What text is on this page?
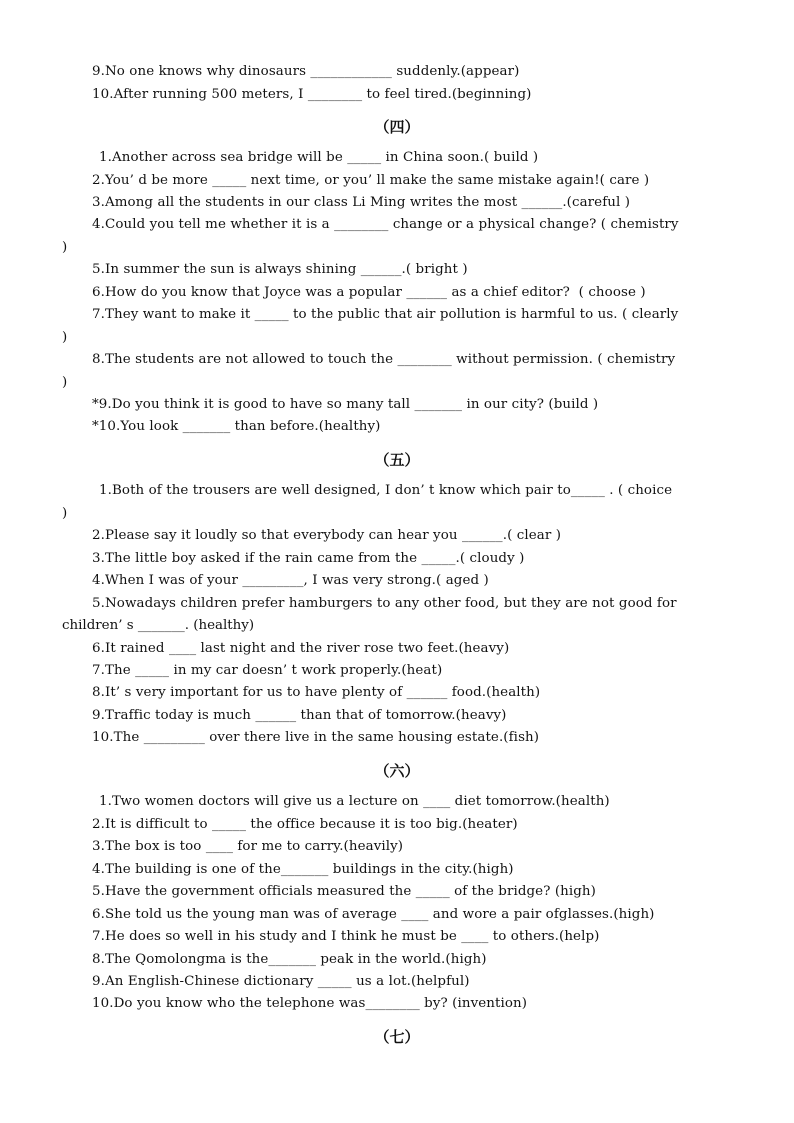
9.No one knows why dinosaurs ____________ suddenly.(appear)
10.After running 500 meters, I ________ to feel tired.(beginning)
（四）
1.Another across sea bridge will be _____ in China soon.( build )
2.You’ d be more _____ next time, or you’ ll make the same mistake again!( care )
3.Among all the students in our class Li Ming writes the most ______.(careful )
4.Could you tell me whether it is a ________ change or a physical change? ( chemistry
)
5.In summer the sun is always shining ______.( bright )
6.How do you know that Joyce was a popular ______ as a chief editor?  ( choose )
7.They want to make it _____ to the public that air pollution is harmful to us. ( clearly
)
8.The students are not allowed to touch the ________ without permission. ( chemistry
)
*9.Do you think it is good to have so many tall _______ in our city? (build )
*10.You look _______ than before.(healthy)
（五）
1.Both of the trousers are well designed, I don’ t know which pair to_____ . ( choice
)
2.Please say it loudly so that everybody can hear you ______.( clear )
3.The little boy asked if the rain came from the _____.( cloudy )
4.When I was of your _________, I was very strong.( aged )
5.Nowadays children prefer hamburgers to any other food, but they are not good for
children’ s _______. (healthy)
6.It rained ____ last night and the river rose two feet.(heavy)
7.The _____ in my car doesn’ t work properly.(heat)
8.It’ s very important for us to have plenty of ______ food.(health)
9.Traffic today is much ______ than that of tomorrow.(heavy)
10.The _________ over there live in the same housing estate.(fish)
（六）
1.Two women doctors will give us a lecture on ____ diet tomorrow.(health)
2.It is difficult to _____ the office because it is too big.(heater)
3.The box is too ____ for me to carry.(heavily)
4.The building is one of the_______ buildings in the city.(high)
5.Have the government officials measured the _____ of the bridge? (high)
6.She told us the young man was of average ____ and wore a pair ofglasses.(high)
7.He does so well in his study and I think he must be ____ to others.(help)
8.The Qomolongma is the_______ peak in the world.(high)
9.An English-Chinese dictionary _____ us a lot.(helpful)
10.Do you know who the telephone was________ by? (invention)
（七）
